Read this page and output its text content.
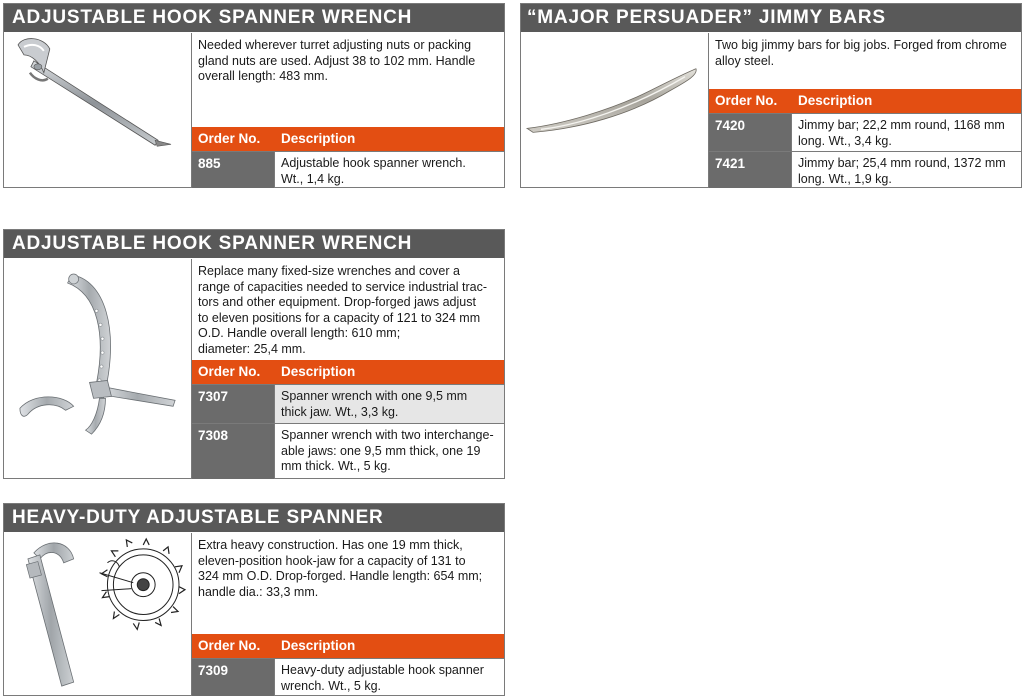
ADJUSTABLE HOOK SPANNER WRENCH
Needed wherever turret adjusting nuts or packing
gland nuts are used. Adjust 38 to 102 mm. Handle
overall length: 483 mm.
Order No. Description
885	Adjustable hook spanner wrench.
Wt., 1,4 kg.
“MAJOR PERSUADER” JIMMY BARS
Two big jimmy bars for big jobs. Forged from chrome
alloy steel.
Order No. Description
7420	Jimmy bar; 22,2 mm round, 1168 mm
long. Wt., 3,4 kg.
7421	Jimmy bar; 25,4 mm round, 1372 mm
long. Wt., 1,9 kg.
ADJUSTABLE HOOK SPANNER WRENCH
Replace many fixed-size wrenches and cover a
range of capacities needed to service industrial trac-
tors and other equipment. Drop-forged jaws adjust
to eleven positions for a capacity of 121 to 324 mm
O.D. Handle overall length: 610 mm;
diameter: 25,4 mm.
Order No. Description
7307	Spanner wrench with one 9,5 mm
thick jaw. Wt., 3,3 kg.
7308	Spanner wrench with two interchange-
able jaws: one 9,5 mm thick, one 19
mm thick. Wt., 5 kg.
HEAVY-DUTY ADJUSTABLE SPANNER
Extra heavy construction. Has one 19 mm thick,
eleven-position hook-jaw for a capacity of 131 to
324 mm O.D. Drop-forged. Handle length: 654 mm;
handle dia.: 33,3 mm.
Order No. Description
7309	Heavy-duty adjustable hook spanner
wrench. Wt., 5 kg.
